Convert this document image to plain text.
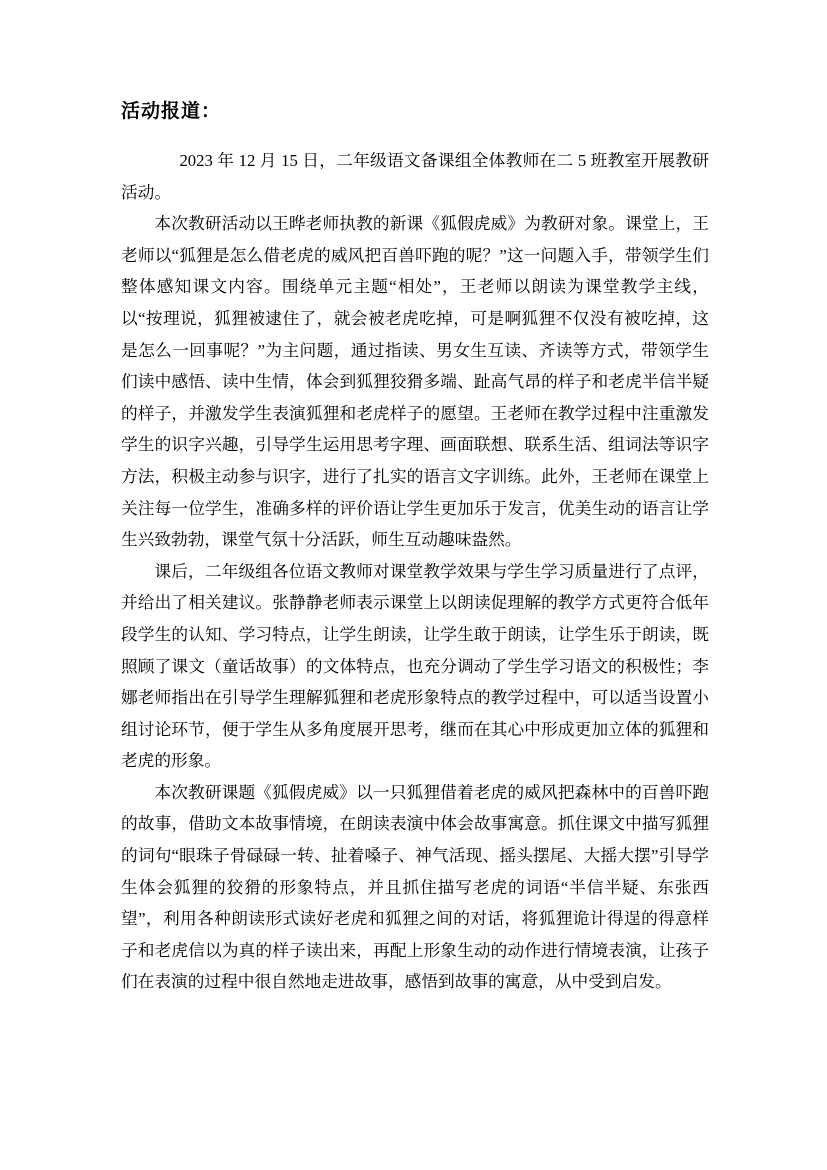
活动报道：

2023 年 12 月 15 日，二年级语文备课组全体教师在二 5 班教室开展教研活动。

本次教研活动以王晔老师执教的新课《狐假虎威》为教研对象。课堂上，王老师以“狐狸是怎么借老虎的威风把百兽吓跑的呢？”这一问题入手，带领学生们整体感知课文内容。围绕单元主题“相处”，王老师以朗读为课堂教学主线，以“按理说，狐狸被逮住了，就会被老虎吃掉，可是啊狐狸不仅没有被吃掉，这是怎么一回事呢？”为主问题，通过指读、男女生互读、齐读等方式，带领学生们读中感悟、读中生情，体会到狐狸狡猾多端、趾高气昂的样子和老虎半信半疑的样子，并激发学生表演狐狸和老虎样子的愿望。王老师在教学过程中注重激发学生的识字兴趣，引导学生运用思考字理、画面联想、联系生活、组词法等识字方法，积极主动参与识字，进行了扎实的语言文字训练。此外，王老师在课堂上关注每一位学生，准确多样的评价语让学生更加乐于发言，优美生动的语言让学生兴致勃勃，课堂气氛十分活跃，师生互动趣味盎然。

课后，二年级组各位语文教师对课堂教学效果与学生学习质量进行了点评，并给出了相关建议。张静静老师表示课堂上以朗读促理解的教学方式更符合低年段学生的认知、学习特点，让学生朗读，让学生敢于朗读，让学生乐于朗读，既照顾了课文（童话故事）的文体特点，也充分调动了学生学习语文的积极性；李娜老师指出在引导学生理解狐狸和老虎形象特点的教学过程中，可以适当设置小组讨论环节，便于学生从多角度展开思考，继而在其心中形成更加立体的狐狸和老虎的形象。

本次教研课题《狐假虎威》以一只狐狸借着老虎的威风把森林中的百兽吓跑的故事，借助文本故事情境，在朗读表演中体会故事寓意。抓住课文中描写狐狸的词句“眼珠子骨碌碌一转、扯着嗓子、神气活现、摇头摆尾、大摇大摆”引导学生体会狐狸的狡猾的形象特点，并且抓住描写老虎的词语“半信半疑、东张西望”，利用各种朗读形式读好老虎和狐狸之间的对话，将狐狸诡计得逞的得意样子和老虎信以为真的样子读出来，再配上形象生动的动作进行情境表演，让孩子们在表演的过程中很自然地走进故事，感悟到故事的寓意，从中受到启发。
